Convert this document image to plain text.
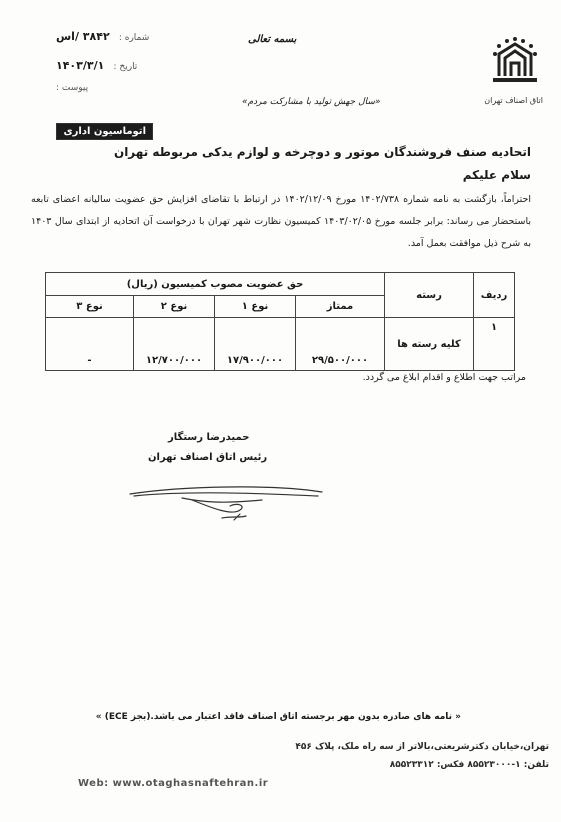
اتاق اصناف تهران
بسمه تعالی
«سال جهش تولید با مشارکت مردم»
شماره : ۳۸۴۲ /اس
تاریخ : ۱۴۰۳/۳/۱
پیوست :
اتوماسیون اداری
اتحادیه صنف فروشندگان موتور و دوچرخه و لوازم یدکی مربوطه تهران
سلام علیکم
احتراماً، بازگشت به نامه شماره ۱۴۰۲/۷۳۸ مورخ ۱۴۰۲/۱۲/۰۹ در ارتباط با تقاضای افزایش حق عضویت سالیانه اعضای تابعه باستحضار می رساند: برابر جلسه مورخ ۱۴۰۳/۰۲/۰۵ کمیسیون نظارت شهر تهران با درخواست آن اتحادیه از ابتدای سال ۱۴۰۳ به شرح ذیل موافقت بعمل آمد.
ردیف	رسته	حق عضویت مصوب کمیسیون (ریال)			
		ممتاز	نوع ۱	نوع ۲	نوع ۳
۱	کلیه رسته ها	۲۹/۵۰۰/۰۰۰	۱۷/۹۰۰/۰۰۰	۱۲/۷۰۰/۰۰۰	-
مراتب جهت اطلاع و اقدام ابلاغ می گردد.
حمیدرضا رستگار
رئیس اتاق اصناف تهران
« نامه های صادره بدون مهر برجسته اتاق اصناف فاقد اعتبار می باشد.(بجز ECE) »
تهران،خیابان دکترشریعتی،بالاتر از سه راه ملک، پلاک ۴۵۶
تلفن: ۱-۸۵۵۲۳۰۰۰ فکس: ۸۵۵۲۳۳۱۲
Web: www.otaghasnaftehran.ir
